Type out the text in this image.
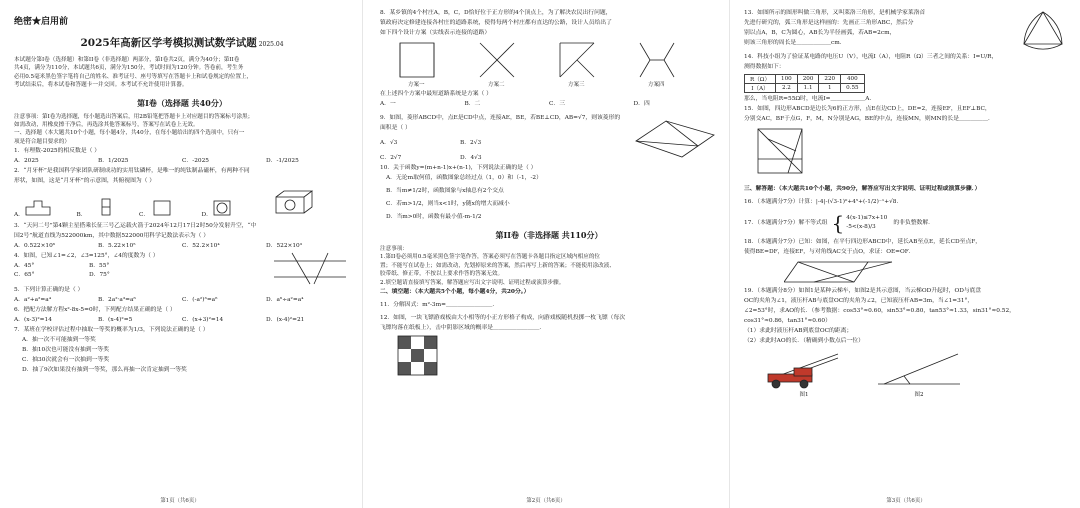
绝密★启用前
2025年高新区学考模拟测试数学试题 2025.04
本试题分第I卷（选择题）和第II卷（非选择题）两部分，第I卷共2页，满分为40分；第II卷
共4页，满分为110分，本试题共6页，满分为150分，考试时间为120分钟。答卷前，考生务
必用0.5毫米黑色签字笔将自己的姓名、准考证号、座号等填写在答题卡上和试卷规定的位置上，
考试结束后，将本试卷和答题卡一并交回。本考试不允许使用计算器。
第I卷（选择题 共40分）
注意事项：第I卷为选择题，每小题选出答案后，用2B铅笔把答题卡上对应题目的答案标号涂黑；
如需改动，用橡皮擦干净后，再选涂其他答案标号，答案写在试卷上无效。
一、选择题（本大题共10个小题，每小题4分，共40分，在每小题给出的四个选项中，只有一
项是符合题目要求的）
1．有理数-2025的相反数是（ ）
A．2025	B．1/2025	C．-2025	D．-1/2025
2．“月牙杯”是我国科学家团队研制成功的实用钛磷杯，是唯一的纯钛制品磁杯，有两种不同
形状，如图，这是“月牙杯”的示意图，其俯视图为（ ）
A．	B．	C．	D．
3．“天问二号”第4颗主星搭乘长征三号乙运载火箭于2024年12月17日2时50分发射升空，“中
国2号”航道直线为522000km，其中数据522000用科学记数法表示为（ ）
A．0.522×10⁶	B．5.22×10⁵	C．52.2×10⁴	D．522×10³
4．如图，已知∠1=∠2，∠3=125°，∠4的度数为（ ）
A．45°	B．55°
C．65°	D．75°
5．下列计算正确的是（ ）
A．a²+a²=a⁴	B．2a²·a³=a⁶	C．(-a²)³=a⁶	D．a⁶÷a²=a⁴
6．把配方法解方程x²-8x-5=0时，下列配方结果正确的是（ ）
A．(x-3)²=14	B．(x-4)²=5	C．(x+3)²=14	D．(x-4)²=21
7．某班在学校评估过程中抽取一等奖的概率为1/3，下列说法正确的是（ ）
A．抽一次不可能抽到一等奖
B．抽10次也可能没有抽到一等奖
C．抽30次就会有一次抽到一等奖
D．抽了9次如果没有抽到一等奖，那么再抽一次肯定抽到一等奖
第1页（共6页）
8．某乡镇的4个村庄A，B，C，D恰好位于正方形的4个顶点上，为了解决农民出行问题，
镇政府决定修建连接各村庄的道路系统，使得每两个村庄都有直达的公路，设计人员给出了
如下四个设计方案（实线表示连接的道路）
方案一	方案二	方案三	方案四
在上述四个方案中最短道路系统是方案（ ）
A．一	B．二	C．三	D．四
9．如图，菱形ABCD中，点E是CD中点，连接AE，BE，若BE⊥CD，AB=√7，则该菱形的
面积是（ ）
A．√3	B．2√3
C．2√7	D．4√3
10．关于函数y=(m+n-1)x+(n-1)，下列说法正确的是（ ）
A．无论m取何值，函数图象总经过点（1，0）和（-1，-2）
B．当m≠1/2时，函数图象与x轴总有2个交点
C．若m>1/2，则当x<1时，y随x的增大而减小
D．当m>0时，函数有最小值-m-1/2
第II卷（非选择题 共110分）
注意事项：
1.第II卷必须用0.5毫米黑色签字笔作答，答案必须写在答题卡各题目指定区域内相应的位
置；不能写在试卷上；如需改动，先划掉原来的答案，然后再写上新的答案；不能使用涂改液、
胶带纸、修正带，不按以上要求作答的答案无效。
2.填空题请直接填写答案，解答题应写出文字说明、证明过程或演算步骤。
二、填空题：（本大题共5个小题，每小题4分，共20分。）
11．分解因式：m²-3m=＿＿＿＿＿＿＿＿．
12．如图，一块飞镖游戏板由大小相等的小正方形格子构成，向游戏板随机投掷一枚飞镖（每次
飞镖均落在纸板上），击中阴影区域的概率是＿＿＿＿＿＿＿＿．
第2页（共6页）
13．如图所示的图形叫做三角形，又叫莱洛三角形，是机械学家莱洛首
先进行研究的，弧三角形是这样画的：先画正三角形ABC，然后分
别以点A，B，C为圆心，AB长为半径画弧，若AB=2cm，
则该三角形的周长是＿＿＿＿＿＿cm．
14．科技小组为了验证某电路的电压U（V），电流I（A），电阻R（Ω）三者之间的关系：I=U/R，
测得数据如下：
R（Ω）	100	200	220	400
I（A）	2.2	1.1	1	0.55
那么，当电阻R=55Ω时，电流I=＿＿＿＿＿＿A．
15．如图，四边形ABCD是边长为6的正方形，点E在边CD上，DE=2，连接EF，且EF⊥BC，
分别交AC，BF于点G，F，M，N分别是AG，BE的中点，连接MN，则MN的长是＿＿＿＿＿．
三、解答题：（本大题共10个小题，共90分，解答应写出文字说明、证明过程或演算步骤．）
16．（本题满分7分）计算：|-4|-(√3-1)⁰+4⁵+(-1/2)⁻¹+√8．
17．（本题满分7分）解不等式组 { 4(x-1)≤7x+10
-5<(x-8)/3
的非负整数解．
18．（本题满分7分）已知：如图，在平行四边形ABCD中，延长AB至点E，延长CD至点F，
使得BE=DF，连接EF，与对角线AC交于点O，求证：OE=OF．
19．（本题满分8分）如图1是某种云梯车，如图2是其示意图，当云梯OD升起时，OD与底盘
OC的夹角为∠1，液压杆AB与底盘OC的夹角为∠2，已知液压杆AB=3m，当∠1=31°，
∠2=53°时，求AO的长．（参考数据：cos53°≈0.60，sin53°≈0.80，tan53°≈1.33，sin31°≈0.52，
cos31°≈0.86，tan31°≈0.60）
（1）求此时液压杆AB到底盘OC的距离；
（2）求此时AO的长．（精确到小数点后一位）
图1	图2
第3页（共6页）
